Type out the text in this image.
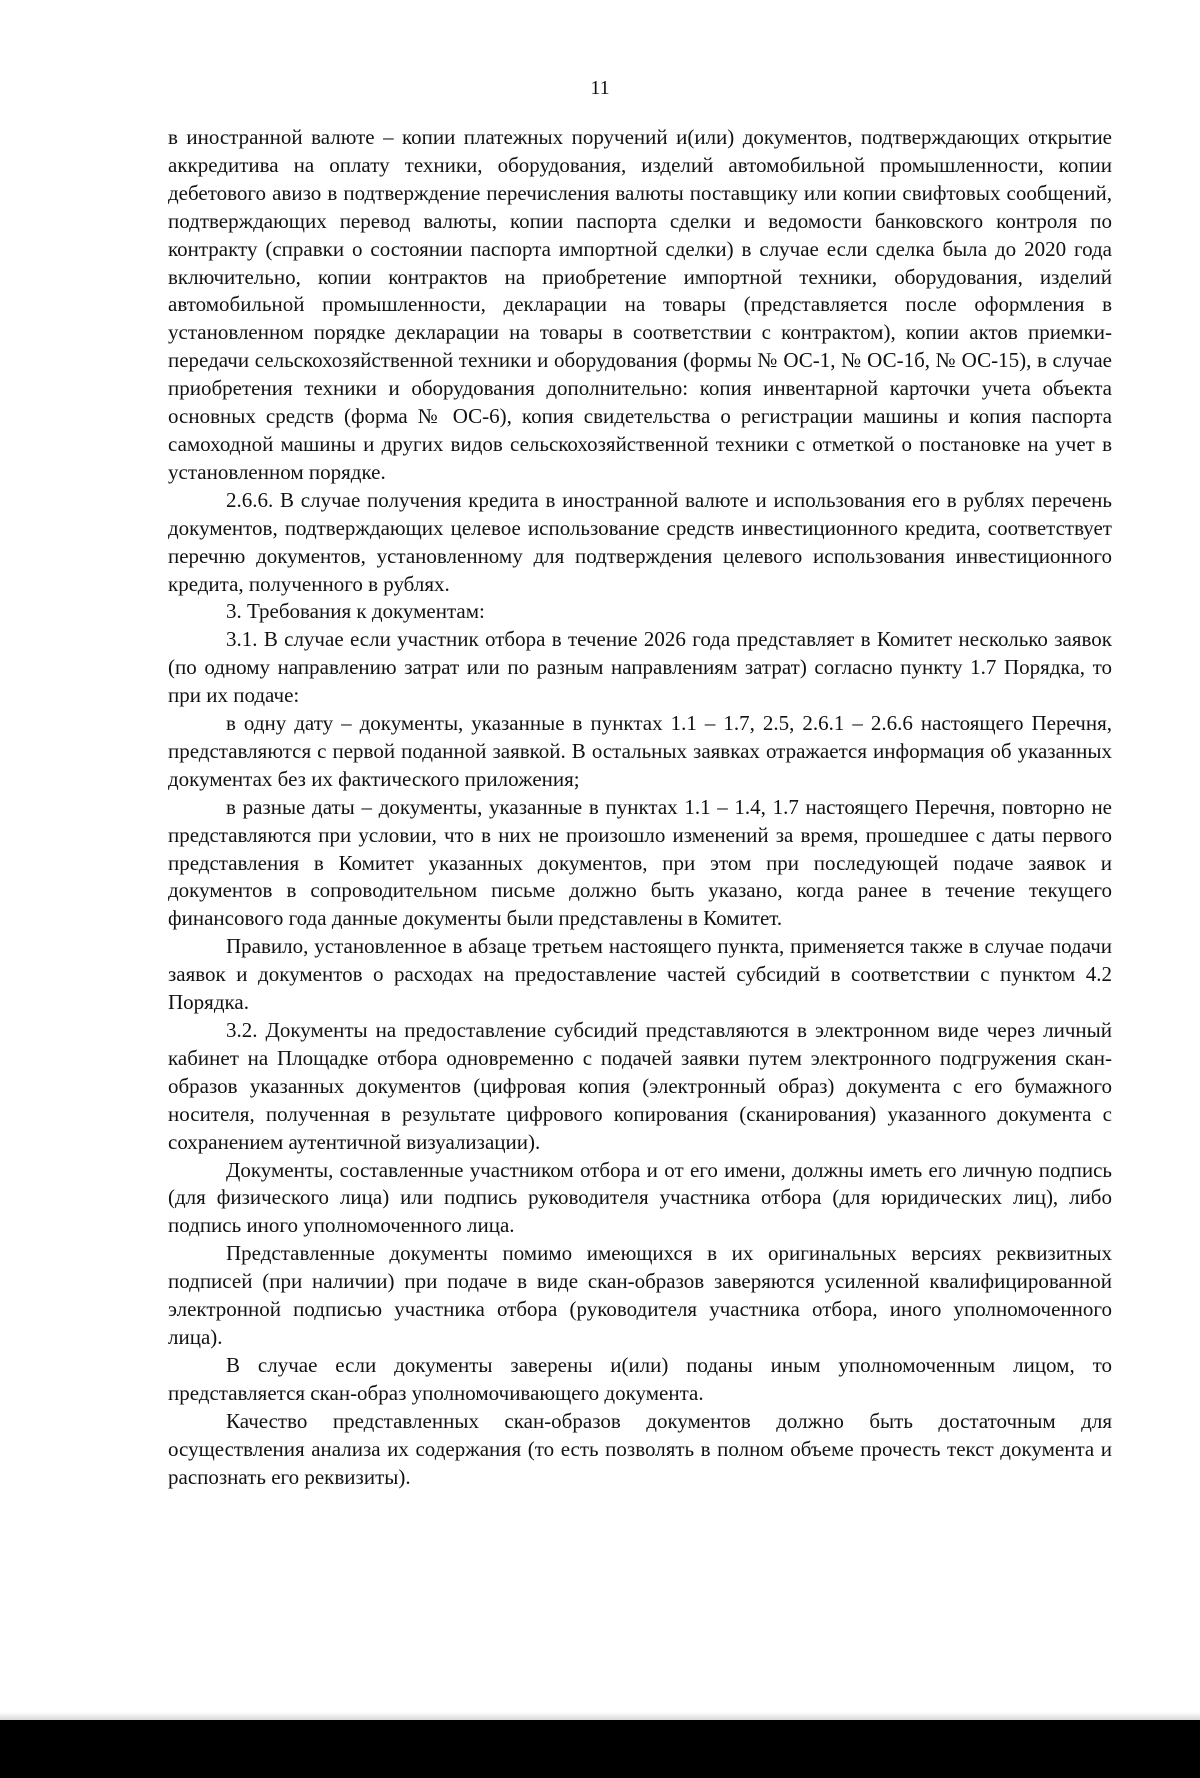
11

в иностранной валюте – копии платежных поручений и(или) документов, подтверждающих открытие аккредитива на оплату техники, оборудования, изделий автомобильной промышленности, копии дебетового авизо в подтверждение перечисления валюты поставщику или копии свифтовых сообщений, подтверждающих перевод валюты, копии паспорта сделки и ведомости банковского контроля по контракту (справки о состоянии паспорта импортной сделки) в случае если сделка была до 2020 года включительно, копии контрактов на приобретение импортной техники, оборудования, изделий автомобильной промышленности, декларации на товары (представляется после оформления в установленном порядке декларации на товары в соответствии с контрактом), копии актов приемки-передачи сельскохозяйственной техники и оборудования (формы № ОС-1, № ОС-1б, № ОС-15), в случае приобретения техники и оборудования дополнительно: копия инвентарной карточки учета объекта основных средств (форма № ОС-6), копия свидетельства о регистрации машины и копия паспорта самоходной машины и других видов сельскохозяйственной техники с отметкой о постановке на учет в установленном порядке.

2.6.6. В случае получения кредита в иностранной валюте и использования его в рублях перечень документов, подтверждающих целевое использование средств инвестиционного кредита, соответствует перечню документов, установленному для подтверждения целевого использования инвестиционного кредита, полученного в рублях.

3. Требования к документам:

3.1. В случае если участник отбора в течение 2026 года представляет в Комитет несколько заявок (по одному направлению затрат или по разным направлениям затрат) согласно пункту 1.7 Порядка, то при их подаче:

в одну дату – документы, указанные в пунктах 1.1 – 1.7, 2.5, 2.6.1 – 2.6.6 настоящего Перечня, представляются с первой поданной заявкой. В остальных заявках отражается информация об указанных документах без их фактического приложения;

в разные даты – документы, указанные в пунктах 1.1 – 1.4, 1.7 настоящего Перечня, повторно не представляются при условии, что в них не произошло изменений за время, прошедшее с даты первого представления в Комитет указанных документов, при этом при последующей подаче заявок и документов в сопроводительном письме должно быть указано, когда ранее в течение текущего финансового года данные документы были представлены в Комитет.

Правило, установленное в абзаце третьем настоящего пункта, применяется также в случае подачи заявок и документов о расходах на предоставление частей субсидий в соответствии с пунктом 4.2 Порядка.

3.2. Документы на предоставление субсидий представляются в электронном виде через личный кабинет на Площадке отбора одновременно с подачей заявки путем электронного подгружения скан-образов указанных документов (цифровая копия (электронный образ) документа с его бумажного носителя, полученная в результате цифрового копирования (сканирования) указанного документа с сохранением аутентичной визуализации).

Документы, составленные участником отбора и от его имени, должны иметь его личную подпись (для физического лица) или подпись руководителя участника отбора (для юридических лиц), либо подпись иного уполномоченного лица.

Представленные документы помимо имеющихся в их оригинальных версиях реквизитных подписей (при наличии) при подаче в виде скан-образов заверяются усиленной квалифицированной электронной подписью участника отбора (руководителя участника отбора, иного уполномоченного лица).

В случае если документы заверены и(или) поданы иным уполномоченным лицом, то представляется скан-образ уполномочивающего документа.

Качество представленных скан-образов документов должно быть достаточным для осуществления анализа их содержания (то есть позволять в полном объеме прочесть текст документа и распознать его реквизиты).
